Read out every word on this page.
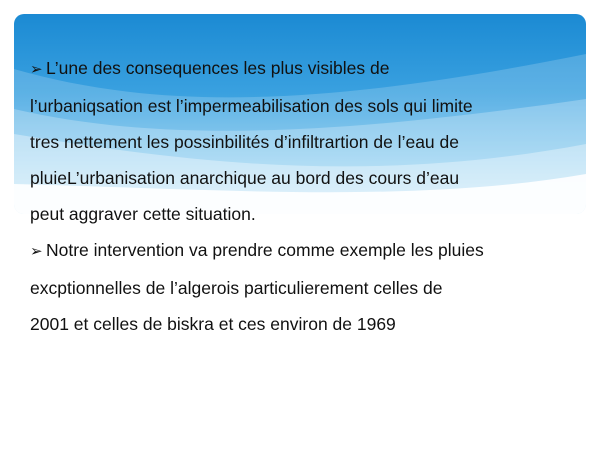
➢ L’une des consequences les plus visibles de
l’urbaniqsation est l’impermeabilisation des sols qui limite
tres nettement les possinbilités d’infiltrartion de l’eau de
pluieL’urbanisation anarchique au bord des cours d’eau
peut aggraver cette situation.
➢ Notre intervention va prendre comme exemple les pluies
excptionnelles de l’algerois particulierement celles de
2001 et celles de biskra et ces environ de 1969
